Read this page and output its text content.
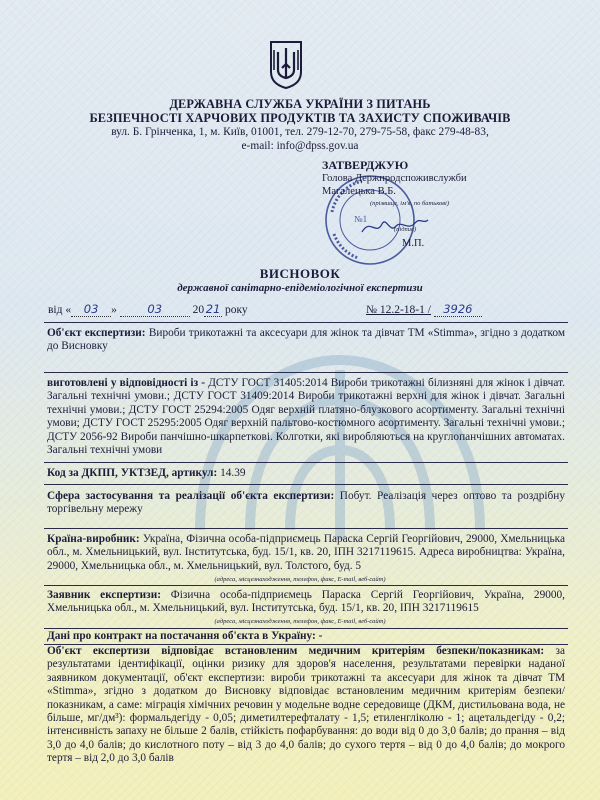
ДЕРЖАВНА СЛУЖБА УКРАЇНИ З ПИТАНЬ
БЕЗПЕЧНОСТІ ХАРЧОВИХ ПРОДУКТІВ ТА ЗАХИСТУ СПОЖИВАЧІВ
вул. Б. Грінченка, 1, м. Київ, 01001, тел. 279-12-70, 279-75-58, факс 279-48-83,
e-mail: info@dpss.gov.ua
ЗАТВЕРДЖУЮ
Голова Держпродспоживслужби
Магалецька В.Б.
(прізвище, ім'я, по батькові)
(підпис)
М.П.
№1
ВИСНОВОК
державної санітарно-епідеміологічної експертизи
від « 03 »	03	20 21 року	№ 12.2-18-1 / 3926
Об'єкт експертизи: Вироби трикотажні та аксесуари для жінок та дівчат ТМ «Stimma», згідно з додатком до Висновку
виготовлені у відповідності із - ДСТУ ГОСТ 31405:2014 Вироби трикотажні білизняні для жінок і дівчат. Загальні технічні умови.; ДСТУ ГОСТ 31409:2014 Вироби трикотажні верхні для жінок і дівчат. Загальні технічні умови.; ДСТУ ГОСТ 25294:2005 Одяг верхній платяно-блузкового асортименту. Загальні технічні умови; ДСТУ ГОСТ 25295:2005 Одяг верхній пальтово-костюмного асортименту. Загальні технічні умови.; ДСТУ 2056-92 Вироби панчішно-шкарпеткові. Колготки, які виробляються на круглопанчішних автоматах. Загальні технічні умови
Код за ДКПП, УКТЗЕД, артикул: 14.39
Сфера застосування та реалізації об'єкта експертизи: Побут. Реалізація через оптово та роздрібну торгівельну мережу
Країна-виробник: Україна, Фізична особа-підприємець Параска Сергій Георгійович, 29000, Хмельницька обл., м. Хмельницький, вул. Інститутська, буд. 15/1, кв. 20, ІПН 3217119615. Адреса виробництва: Україна, 29000, Хмельницька обл., м. Хмельницький, вул. Толстого, буд. 5
(адреса, місцезнаходження, телефон, факс, E-mail, веб-сайт)
Заявник експертизи: Фізична особа-підприємець Параска Сергій Георгійович, Україна, 29000, Хмельницька обл., м. Хмельницький, вул. Інститутська, буд. 15/1, кв. 20, ІПН 3217119615
(адреса, місцезнаходження, телефон, факс, E-mail, веб-сайт)
Дані про контракт на постачання об'єкта в Україну: -
Об'єкт експертизи відповідає встановленим медичним критеріям безпеки/показникам: за результатами ідентифікації, оцінки ризику для здоров'я населення, результатами перевірки наданої заявником документації, об'єкт експертизи: вироби трикотажні та аксесуари для жінок та дівчат ТМ «Stimma», згідно з додатком до Висновку відповідає встановленим медичним критеріям безпеки/показникам, а саме: міграція хімічних речовин у модельне водне середовище (ДКМ, дистильована вода, не більше, мг/дм³): формальдегіду - 0,05; диметилтерефталату - 1,5; етиленгліколю - 1; ацетальдегіду - 0,2; інтенсивність запаху не більше 2 балів, стійкість пофарбування: до води від 0 до 3,0 балів; до прання – від 3,0 до 4,0 балів; до кислотного поту – від 3 до 4,0 балів; до сухого тертя – від 0 до 4,0 балів; до мокрого тертя – від 2,0 до 3,0 балів
